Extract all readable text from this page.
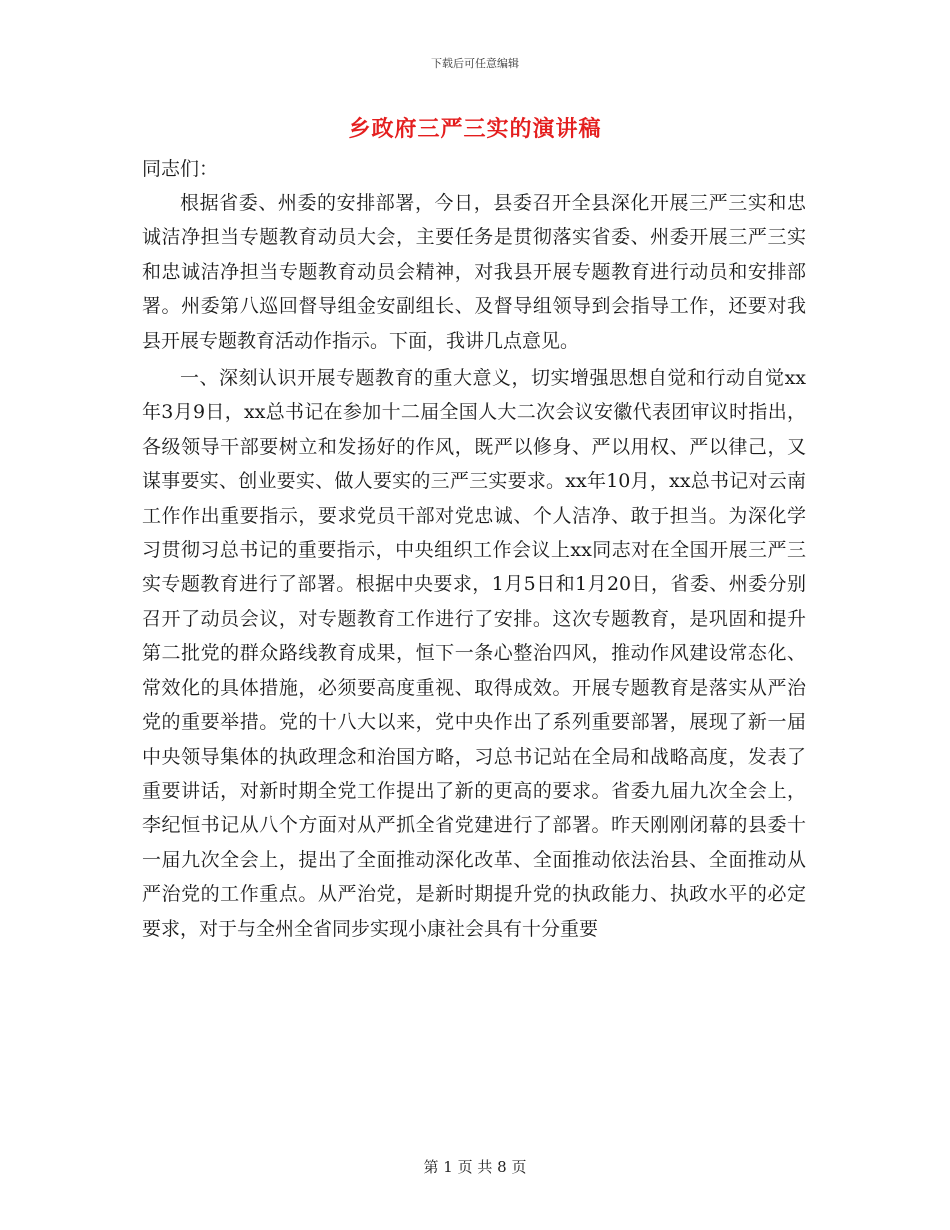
下载后可任意编辑
乡政府三严三实的演讲稿
同志们：

根据省委、州委的安排部署，今日，县委召开全县深化开展三严三实和忠诚洁净担当专题教育动员大会，主要任务是贯彻落实省委、州委开展三严三实和忠诚洁净担当专题教育动员会精神，对我县开展专题教育进行动员和安排部署。州委第八巡回督导组金安副组长、及督导组领导到会指导工作，还要对我县开展专题教育活动作指示。下面，我讲几点意见。

一、深刻认识开展专题教育的重大意义，切实增强思想自觉和行动自觉xx年3月9日，xx总书记在参加十二届全国人大二次会议安徽代表团审议时指出，各级领导干部要树立和发扬好的作风，既严以修身、严以用权、严以律己，又谋事要实、创业要实、做人要实的三严三实要求。xx年10月，xx总书记对云南工作作出重要指示，要求党员干部对党忠诚、个人洁净、敢于担当。为深化学习贯彻习总书记的重要指示，中央组织工作会议上xx同志对在全国开展三严三实专题教育进行了部署。根据中央要求，1月5日和1月20日，省委、州委分别召开了动员会议，对专题教育工作进行了安排。这次专题教育，是巩固和提升第二批党的群众路线教育成果，恒下一条心整治四风，推动作风建设常态化、常效化的具体措施，必须要高度重视、取得成效。开展专题教育是落实从严治党的重要举措。党的十八大以来，党中央作出了系列重要部署，展现了新一届中央领导集体的执政理念和治国方略，习总书记站在全局和战略高度，发表了重要讲话，对新时期全党工作提出了新的更高的要求。省委九届九次全会上，李纪恒书记从八个方面对从严抓全省党建进行了部署。昨天刚刚闭幕的县委十一届九次全会上，提出了全面推动深化改革、全面推动依法治县、全面推动从严治党的工作重点。从严治党，是新时期提升党的执政能力、执政水平的必定要求，对于与全州全省同步实现小康社会具有十分重要

第 1 页 共 8 页
